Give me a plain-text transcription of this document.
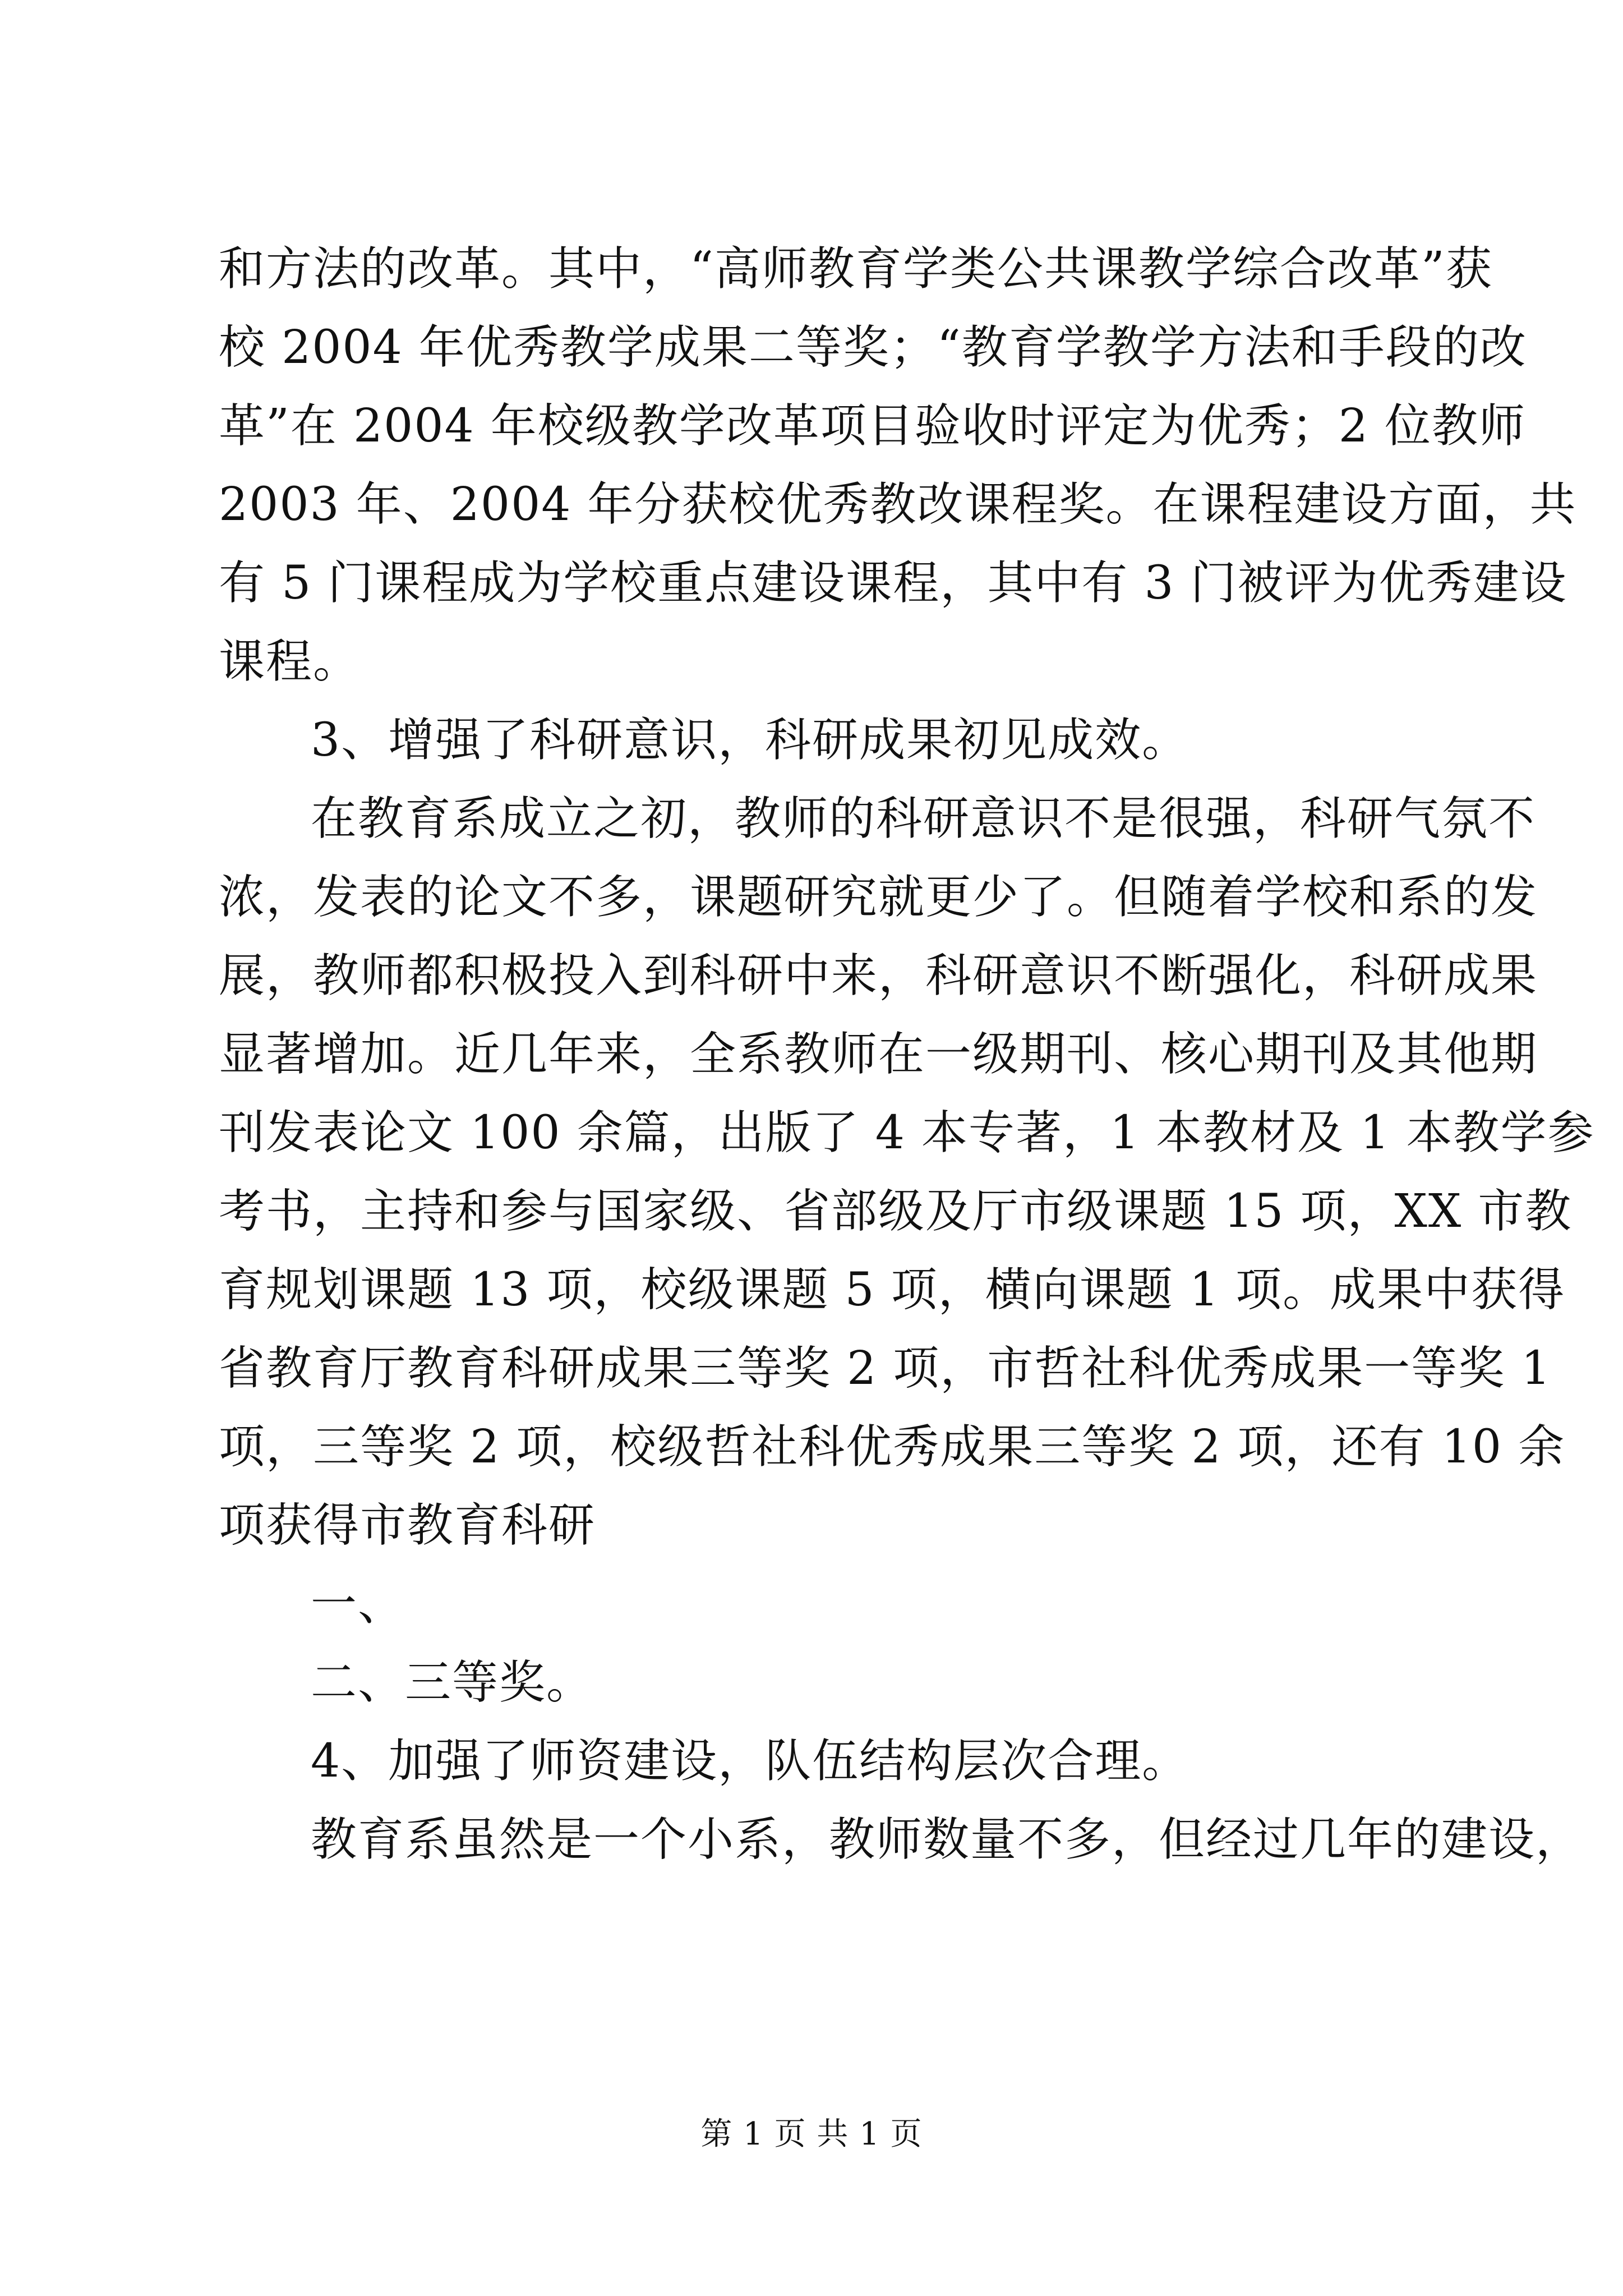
和方法的改革。其中，“高师教育学类公共课教学综合改革”获
校 2004 年优秀教学成果二等奖；“教育学教学方法和手段的改
革”在 2004 年校级教学改革项目验收时评定为优秀；2 位教师
2003 年、2004 年分获校优秀教改课程奖。在课程建设方面，共
有 5 门课程成为学校重点建设课程，其中有 3 门被评为优秀建设
课程。
3、增强了科研意识，科研成果初见成效。
在教育系成立之初，教师的科研意识不是很强，科研气氛不
浓，发表的论文不多，课题研究就更少了。但随着学校和系的发
展，教师都积极投入到科研中来，科研意识不断强化，科研成果
显著增加。近几年来，全系教师在一级期刊、核心期刊及其他期
刊发表论文 100 余篇，出版了 4 本专著，1 本教材及 1 本教学参
考书，主持和参与国家级、省部级及厅市级课题 15 项，XX 市教
育规划课题 13 项，校级课题 5 项，横向课题 1 项。成果中获得
省教育厅教育科研成果三等奖 2 项，市哲社科优秀成果一等奖 1
项，三等奖 2 项，校级哲社科优秀成果三等奖 2 项，还有 10 余
项获得市教育科研
一、
二、三等奖。
4、加强了师资建设，队伍结构层次合理。
教育系虽然是一个小系，教师数量不多，但经过几年的建设，
第 1 页 共 1 页
